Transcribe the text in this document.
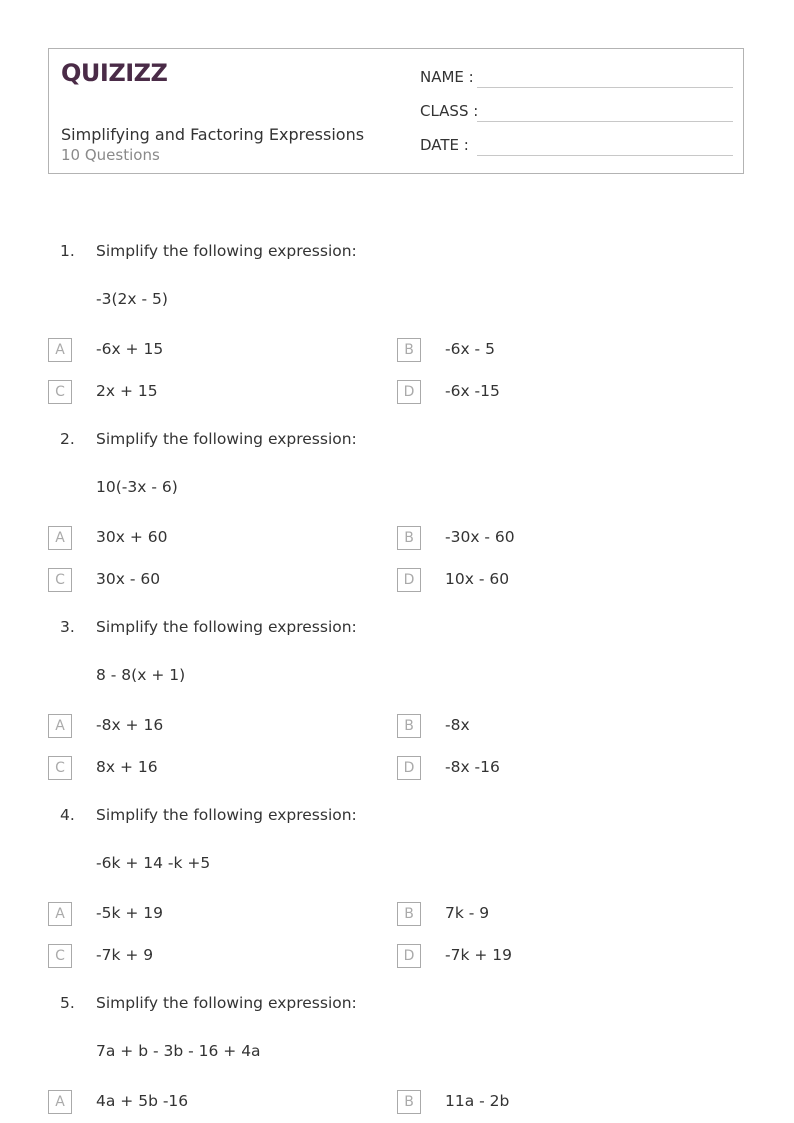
QUIZIZZ
Simplifying and Factoring Expressions
10 Questions
NAME :
CLASS :
DATE :
1. Simplify the following expression:
-3(2x - 5)
A	-6x + 15	B	-6x - 5
C	2x + 15	D	-6x -15
2. Simplify the following expression:
10(-3x - 6)
A	30x + 60	B	-30x - 60
C	30x - 60	D	10x - 60
3. Simplify the following expression:
8 - 8(x + 1)
A	-8x + 16	B	-8x
C	8x + 16	D	-8x -16
4. Simplify the following expression:
-6k + 14 -k +5
A	-5k + 19	B	7k - 9
C	-7k + 9	D	-7k + 19
5. Simplify the following expression:
7a + b - 3b - 16 + 4a
A	4a + 5b -16	B	11a - 2b
